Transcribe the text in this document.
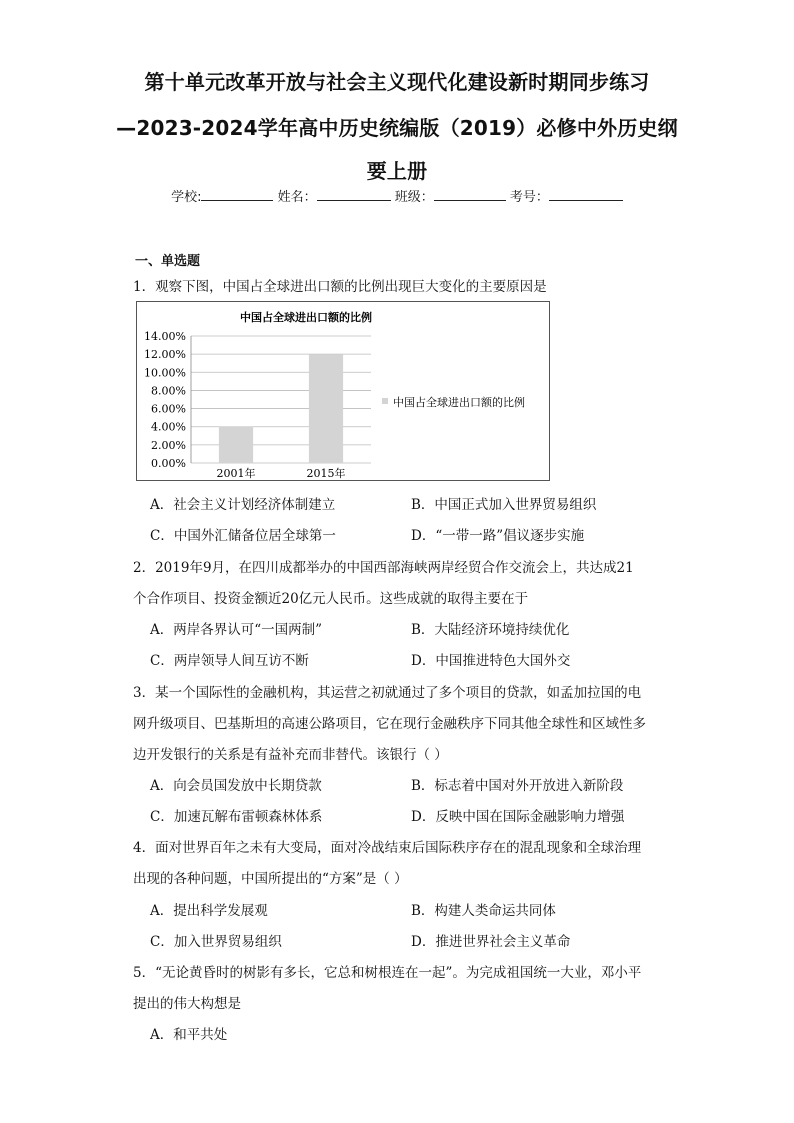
第十单元改革开放与社会主义现代化建设新时期同步练习
—2023-2024学年高中历史统编版（2019）必修中外历史纲
要上册
学校:	姓名：	班级：	考号：
一、单选题
1．观察下图，中国占全球进出口额的比例出现巨大变化的主要原因是
中国占全球进出口额的比例
0.00%
2.00%
4.00%
6.00%
8.00%
10.00%
12.00%
14.00%
2001年	2015年
中国占全球进出口额的比例
A．社会主义计划经济体制建立	B．中国正式加入世界贸易组织
C．中国外汇储备位居全球第一	D．“一带一路”倡议逐步实施
2．2019年9月，在四川成都举办的中国西部海峡两岸经贸合作交流会上，共达成21
个合作项目、投资金额近20亿元人民币。这些成就的取得主要在于
A．两岸各界认可“一国两制”	B．大陆经济环境持续优化
C．两岸领导人间互访不断	D．中国推进特色大国外交
3．某一个国际性的金融机构，其运营之初就通过了多个项目的贷款，如孟加拉国的电
网升级项目、巴基斯坦的高速公路项目，它在现行金融秩序下同其他全球性和区域性多
边开发银行的关系是有益补充而非替代。该银行（ ）
A．向会员国发放中长期贷款	B．标志着中国对外开放进入新阶段
C．加速瓦解布雷顿森林体系	D．反映中国在国际金融影响力增强
4．面对世界百年之未有大变局，面对冷战结束后国际秩序存在的混乱现象和全球治理
出现的各种问题，中国所提出的“方案”是（ ）
A．提出科学发展观	B．构建人类命运共同体
C．加入世界贸易组织	D．推进世界社会主义革命
5．“无论黄昏时的树影有多长，它总和树根连在一起”。为完成祖国统一大业，邓小平
提出的伟大构想是
A．和平共处
